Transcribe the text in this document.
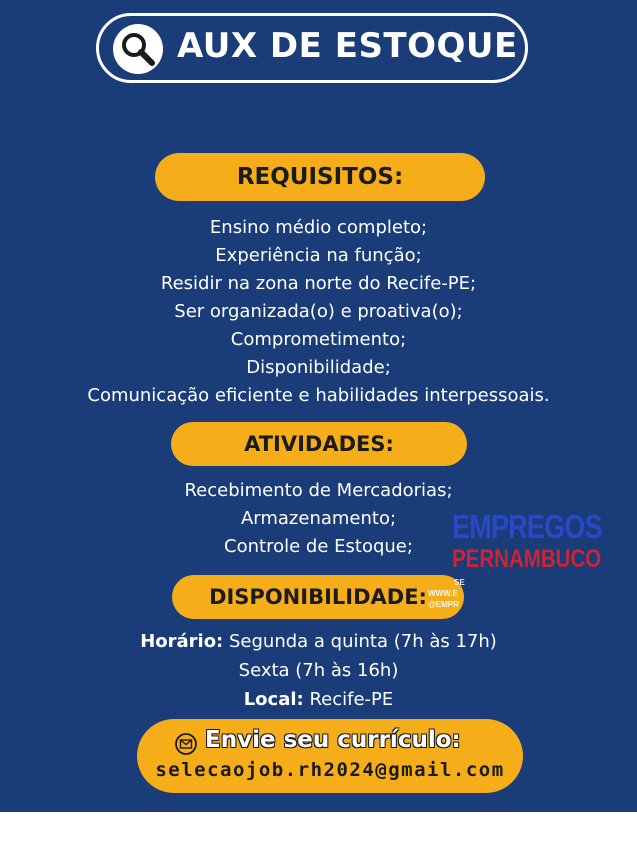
AUX DE ESTOQUE
REQUISITOS:
Ensino médio completo;
Experiência na função;
Residir na zona norte do Recife-PE;
Ser organizada(o) e proativa(o);
Comprometimento;
Disponibilidade;
Comunicação eficiente e habilidades interpessoais.
ATIVIDADES:
Recebimento de Mercadorias;
Armazenamento;
Controle de Estoque;
DISPONIBILIDADE:
Horário: Segunda a quinta (7h às 17h)
Sexta (7h às 16h)
Local: Recife-PE
EMPREGOS
PERNAMBUCO
SE
WWW.E
@EMPR
Envie seu currículo:
selecaojob.rh2024@gmail.com
